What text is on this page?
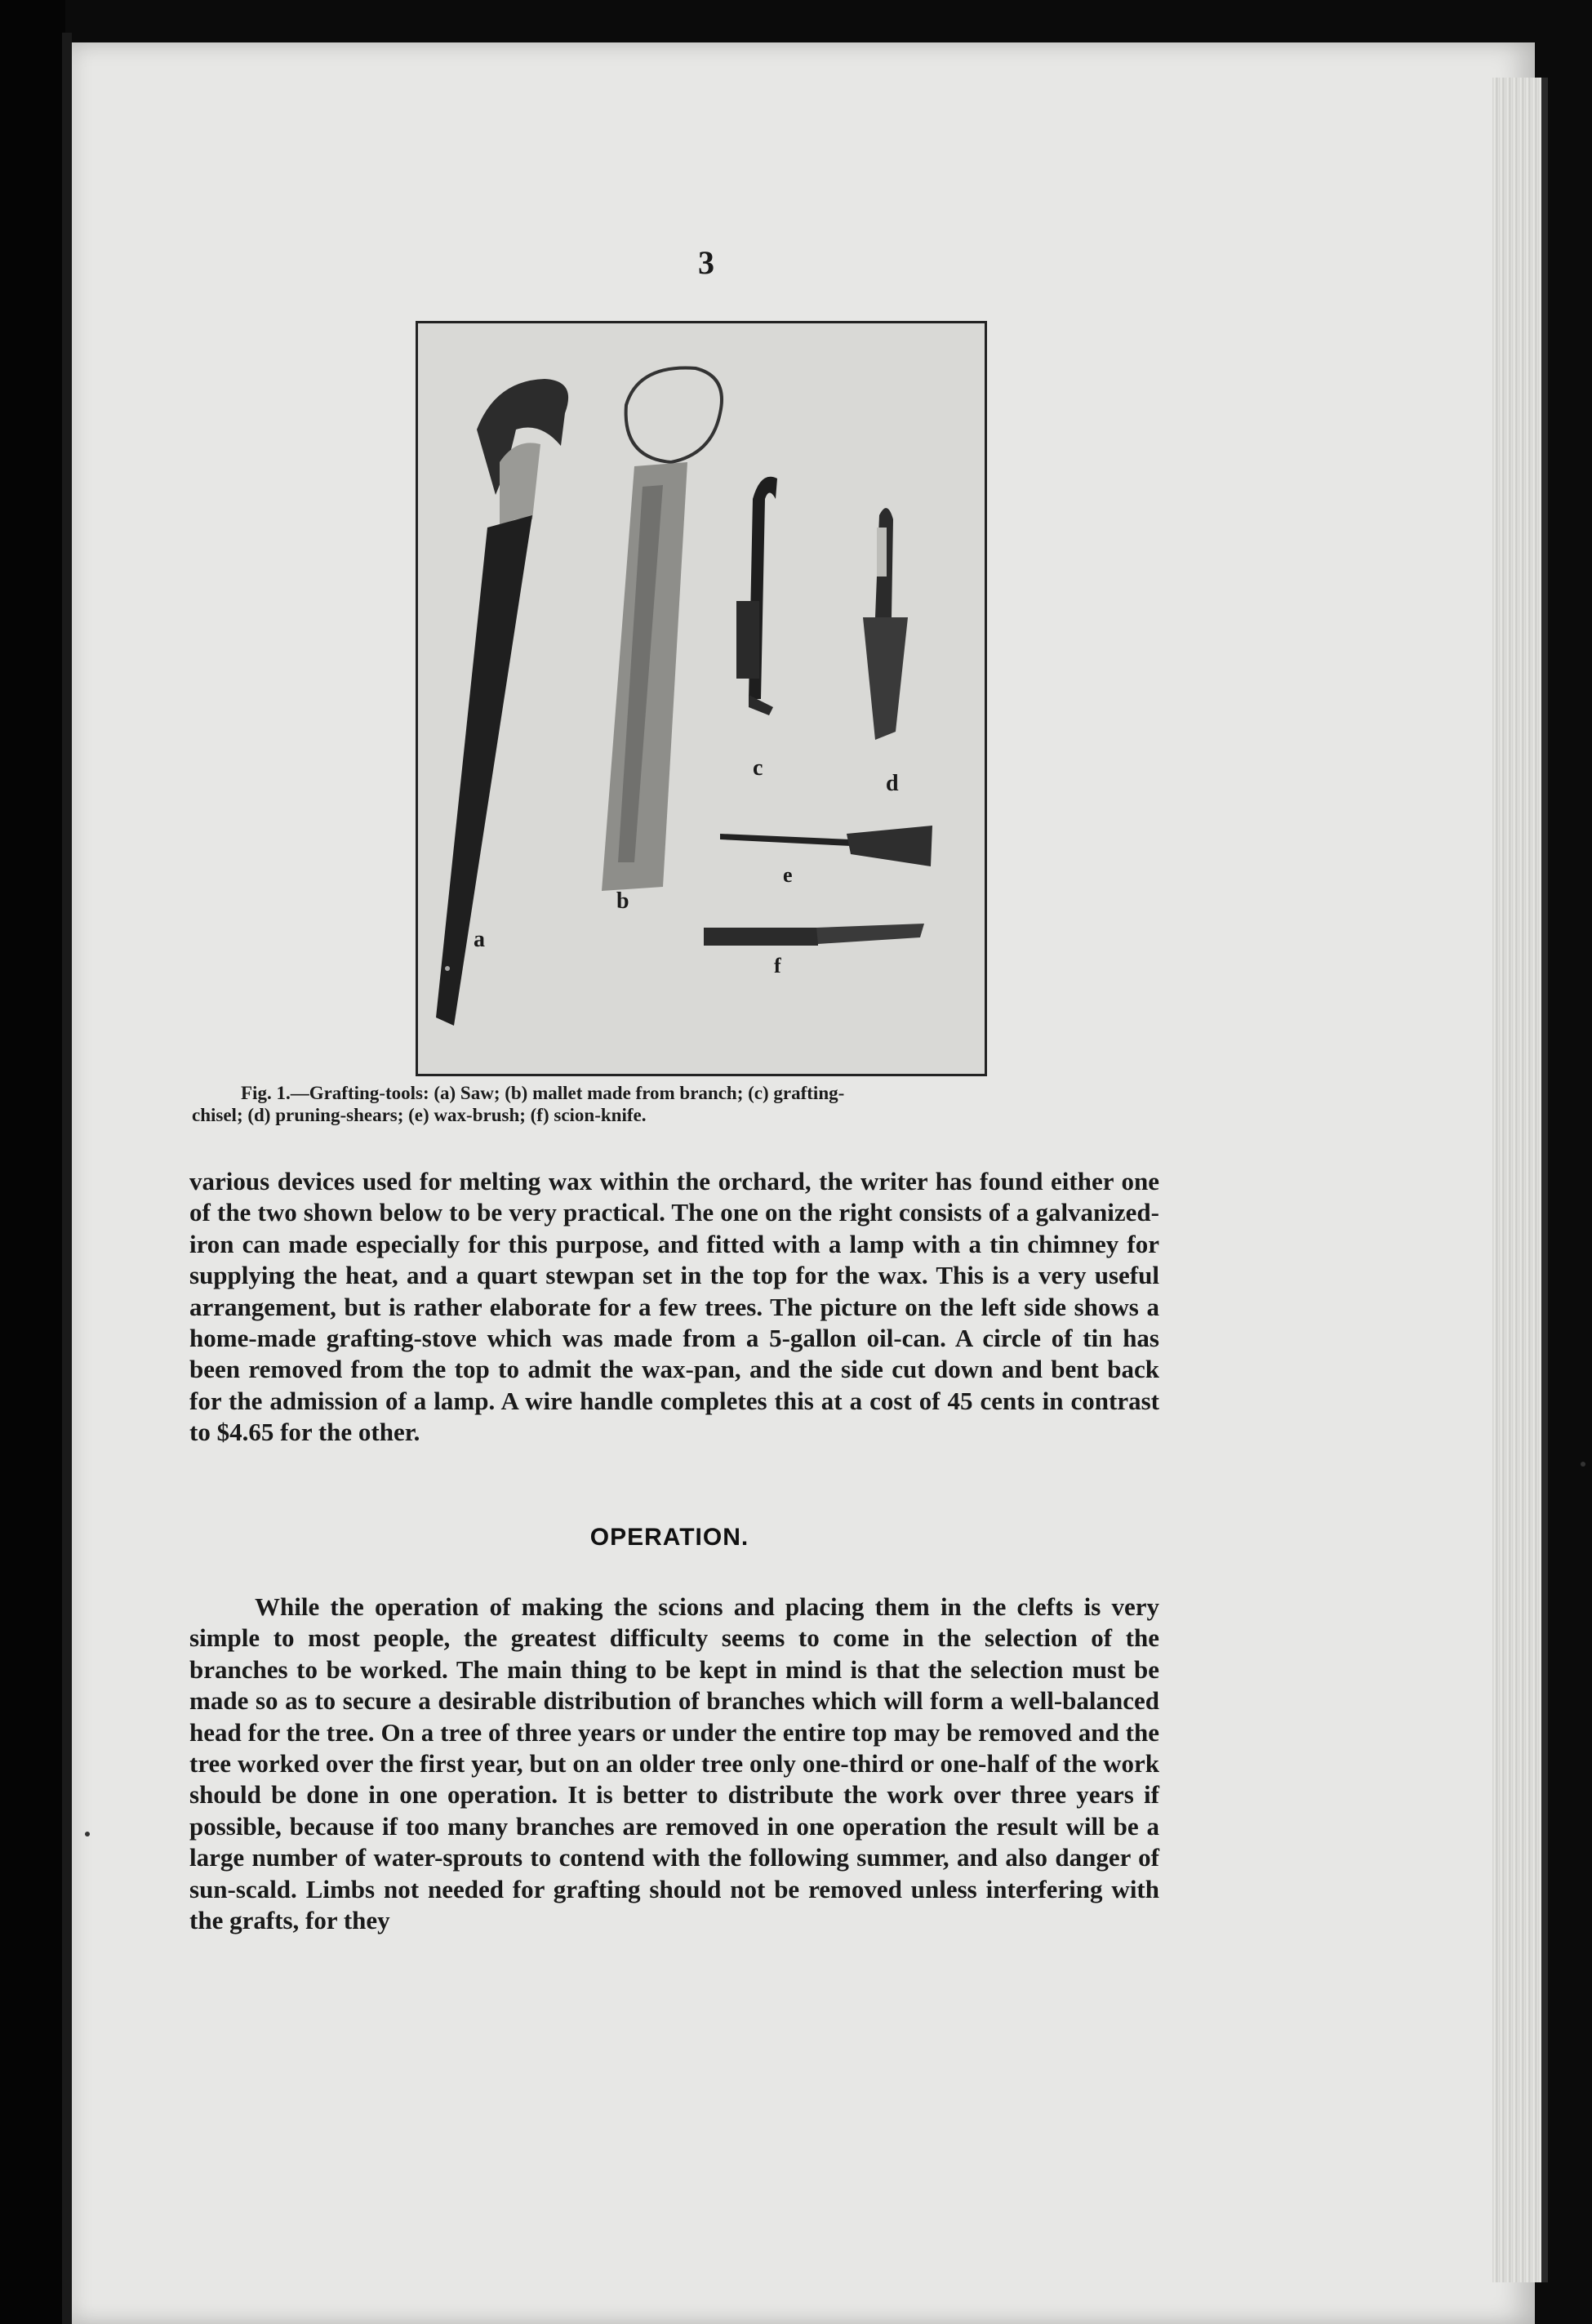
3
a
b
c
d
e
f

Fig. 1.—Grafting-tools: (a) Saw; (b) mallet made from branch; (c) grafting-

chisel; (d) pruning-shears; (e) wax-brush; (f) scion-knife.

various devices used for melting wax within the orchard, the writer has found either one of the two shown below to be very practical. The one on the right consists of a galvanized-iron can made especially for this purpose, and fitted with a lamp with a tin chimney for supplying the heat, and a quart stewpan set in the top for the wax. This is a very useful arrangement, but is rather elaborate for a few trees. The picture on the left side shows a home-made grafting-stove which was made from a 5-gallon oil-can. A circle of tin has been removed from the top to admit the wax-pan, and the side cut down and bent back for the admission of a lamp. A wire handle completes this at a cost of 45 cents in contrast to $4.65 for the other.

OPERATION.

While the operation of making the scions and placing them in the clefts is very simple to most people, the greatest difficulty seems to come in the selection of the branches to be worked. The main thing to be kept in mind is that the selection must be made so as to secure a desirable distribution of branches which will form a well-balanced head for the tree. On a tree of three years or under the entire top may be removed and the tree worked over the first year, but on an older tree only one-third or one-half of the work should be done in one operation. It is better to distribute the work over three years if possible, because if too many branches are removed in one operation the result will be a large number of water-sprouts to contend with the following summer, and also danger of sun-scald. Limbs not needed for grafting should not be removed unless interfering with the grafts, for they
